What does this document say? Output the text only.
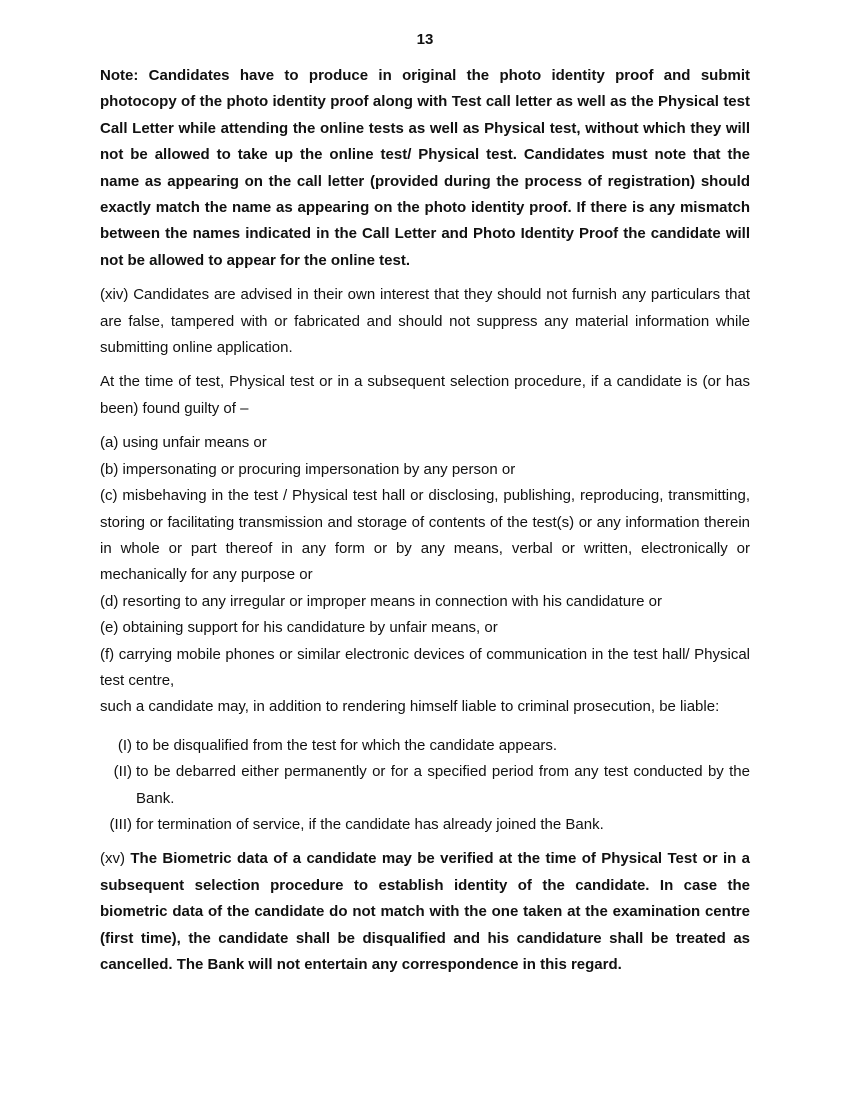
13

Note: Candidates have to produce in original the photo identity proof and submit photocopy of the photo identity proof along with Test call letter as well as the Physical test Call Letter while attending the online tests as well as Physical test, without which they will not be allowed to take up the online test/ Physical test. Candidates must note that the name as appearing on the call letter (provided during the process of registration) should exactly match the name as appearing on the photo identity proof. If there is any mismatch between the names indicated in the Call Letter and Photo Identity Proof the candidate will not be allowed to appear for the online test.

(xiv) Candidates are advised in their own interest that they should not furnish any particulars that are false, tampered with or fabricated and should not suppress any material information while submitting online application.

At the time of test, Physical test or in a subsequent selection procedure, if a candidate is (or has been) found guilty of –

(a) using unfair means or

(b) impersonating or procuring impersonation by any person or

(c) misbehaving in the test / Physical test hall or disclosing, publishing, reproducing, transmitting, storing or facilitating transmission and storage of contents of the test(s) or any information therein in whole or part thereof in any form or by any means, verbal or written, electronically or mechanically for any purpose or

(d) resorting to any irregular or improper means in connection with his candidature or

(e) obtaining support for his candidature by unfair means, or

(f) carrying mobile phones or similar electronic devices of communication in the test hall/ Physical test centre,

such a candidate may, in addition to rendering himself liable to criminal prosecution, be liable:

(I) to be disqualified from the test for which the candidate appears.
(II) to be debarred either permanently or for a specified period from any test conducted by the Bank.
(III) for termination of service, if the candidate has already joined the Bank.

(xv) The Biometric data of a candidate may be verified at the time of Physical Test or in a subsequent selection procedure to establish identity of the candidate. In case the biometric data of the candidate do not match with the one taken at the examination centre (first time), the candidate shall be disqualified and his candidature shall be treated as cancelled. The Bank will not entertain any correspondence in this regard.
